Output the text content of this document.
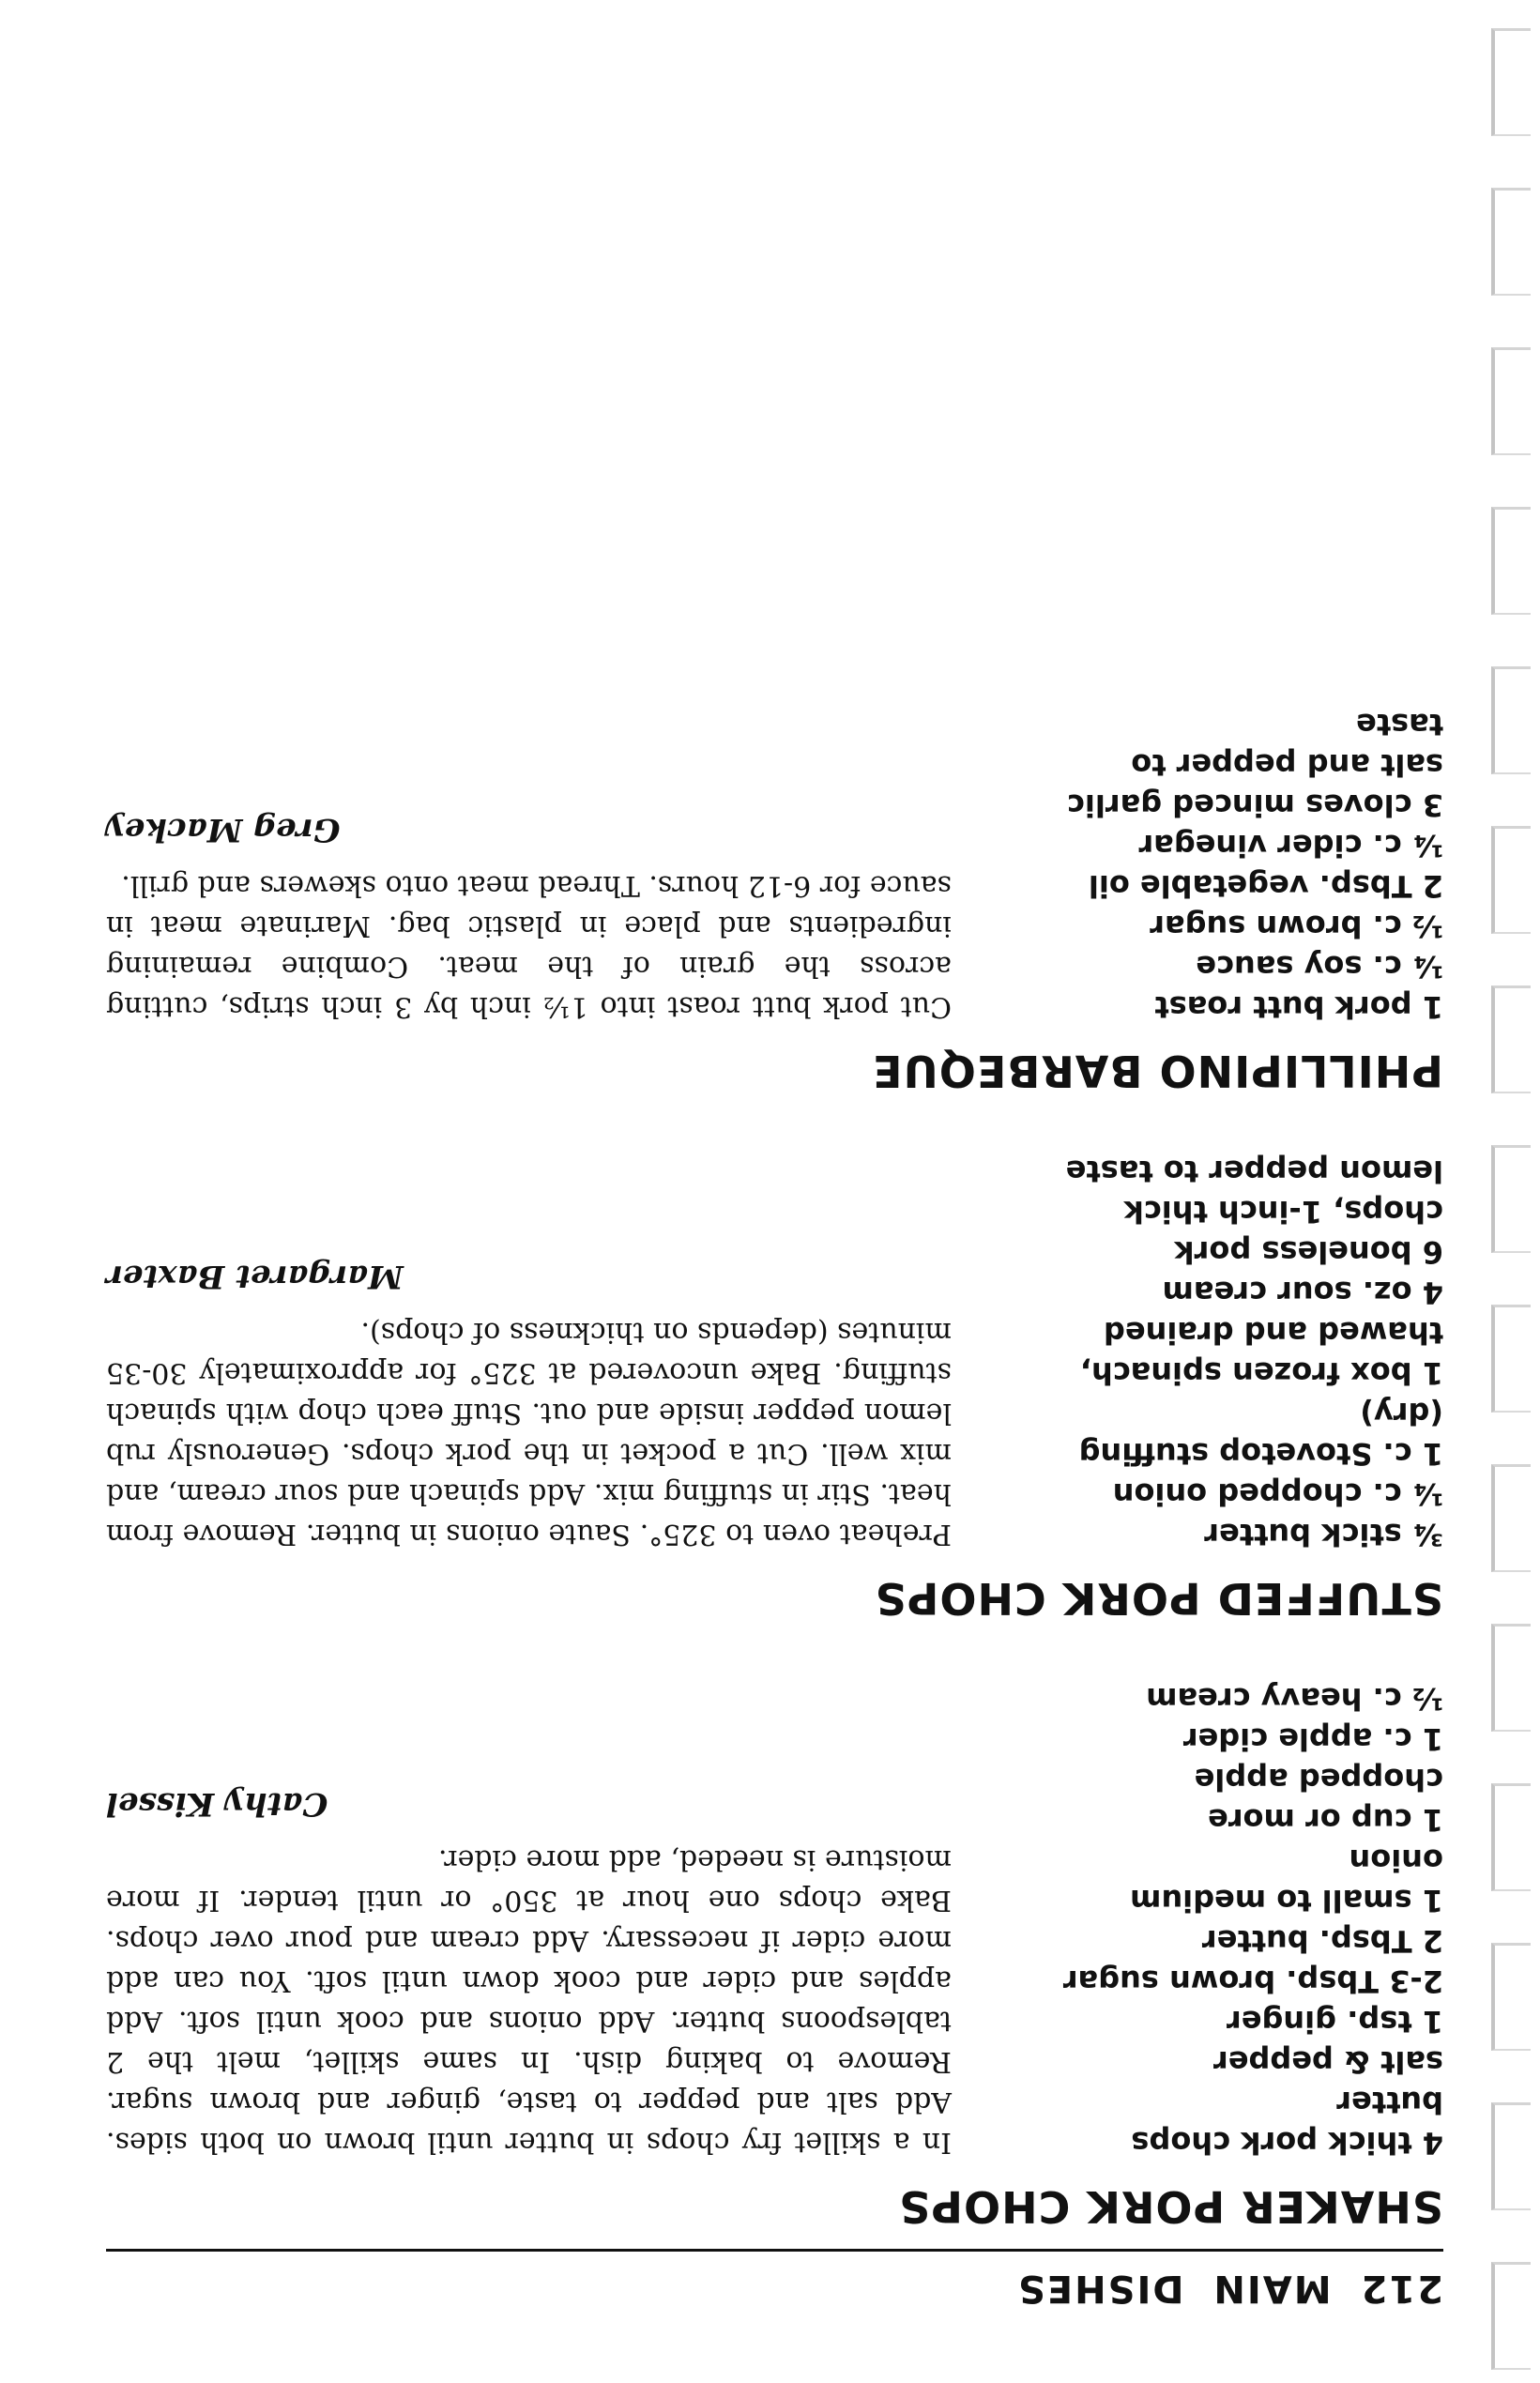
212 MAIN DISHES
SHAKER PORK CHOPS
4 thick pork chops
butter
salt & pepper
1 tsp. ginger
2-3 Tbsp. brown sugar
2 Tbsp. butter
1 small to medium
onion
1 cup or more
chopped apple
1 c. apple cider
½ c. heavy cream

In a skillet fry chops in butter until brown on both sides. Add salt and pepper to taste, ginger and brown sugar. Remove to baking dish. In same skillet, melt the 2 tablespoons butter. Add onions and cook until soft. Add apples and cider and cook down until soft. You can add more cider if necessary. Add cream and pour over chops. Bake chops one hour at 350° or until tender. If more moisture is needed, add more cider.

Cathy Kissel
STUFFED PORK CHOPS
¾ stick butter
¼ c. chopped onion
1 c. Stovetop stuffing
(dry)
1 box frozen spinach,
thawed and drained
4 oz. sour cream
6 boneless pork
chops, 1-inch thick
lemon pepper to taste

Preheat oven to 325°. Saute onions in butter. Remove from heat. Stir in stuffing mix. Add spinach and sour cream, and mix well. Cut a pocket in the pork chops. Generously rub lemon pepper inside and out. Stuff each chop with spinach stuffing. Bake uncovered at 325° for approximately 30-35 minutes (depends on thickness of chops).

Margaret Baxter
PHILLIPINO BARBEQUE
1 pork butt roast
¼ c. soy sauce
½ c. brown sugar
2 Tbsp. vegetable oil
¼ c. cider vinegar
3 cloves minced garlic
salt and pepper to
taste

Cut pork butt roast into 1½ inch by 3 inch strips, cutting across the grain of the meat. Combine remaining ingredients and place in plastic bag. Marinate meat in sauce for 6-12 hours. Thread meat onto skewers and grill.

Greg Mackey
